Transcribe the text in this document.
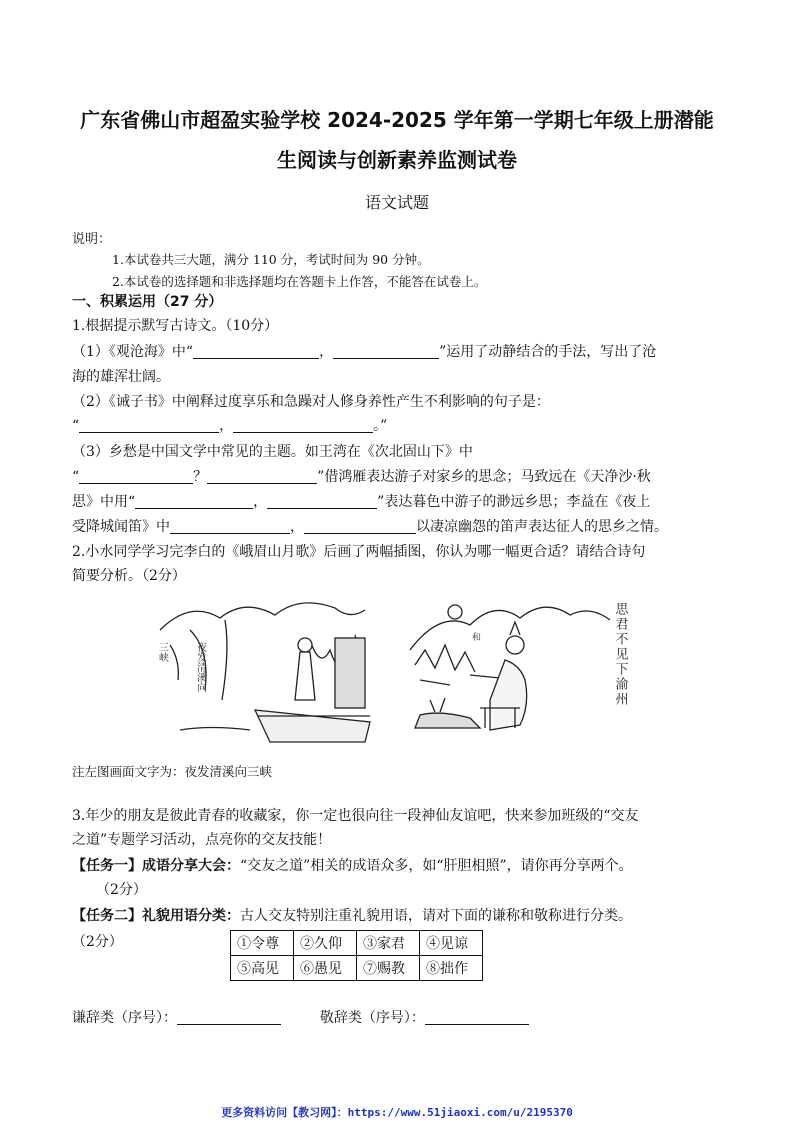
广东省佛山市超盈实验学校 2024-2025 学年第一学期七年级上册潜能
生阅读与创新素养监测试卷
语文试题
说明：
1.本试卷共三大题，满分 110 分，考试时间为 90 分钟。
2.本试卷的选择题和非选择题均在答题卡上作答，不能答在试卷上。
一、积累运用（27 分）
1.根据提示默写古诗文。（10分）
（1）《观沧海》中“	，	”运用了动静结合的手法，写出了沧
海的雄浑壮阔。
（2）《诫子书》中阐释过度享乐和急躁对人修身养性产生不利影响的句子是：
“	，	。”
（3）乡愁是中国文学中常见的主题。如王湾在《次北固山下》中
“	？	”借鸿雁表达游子对家乡的思念；马致远在《天净沙·秋
思》中用“	，	”表达暮色中游子的渺远乡思；李益在《夜上
受降城闻笛》中	，	以凄凉幽怨的笛声表达征人的思乡之情。
2.小水同学学习完李白的《峨眉山月歌》后画了两幅插图，你认为哪一幅更合适？请结合诗句
简要分析。（2分）
三峡	夜发清溪向
和	思君不见下渝州
注左图画面文字为：夜发清溪向三峡
3.年少的朋友是彼此青春的收藏家，你一定也很向往一段神仙友谊吧，快来参加班级的“交友
之道”专题学习活动，点亮你的交友技能！
【任务一】成语分享大会：“交友之道”相关的成语众多，如“肝胆相照”，请你再分享两个。
（2分）
【任务二】礼貌用语分类：古人交友特别注重礼貌用语，请对下面的谦称和敬称进行分类。
（2分）	①令尊	②久仰	③家君	④见谅
⑤高见	⑥愚见	⑦赐教	⑧拙作
谦辞类（序号）：	敬辞类（序号）：
更多资料访问【教习网】：https://www.51jiaoxi.com/u/2195370
